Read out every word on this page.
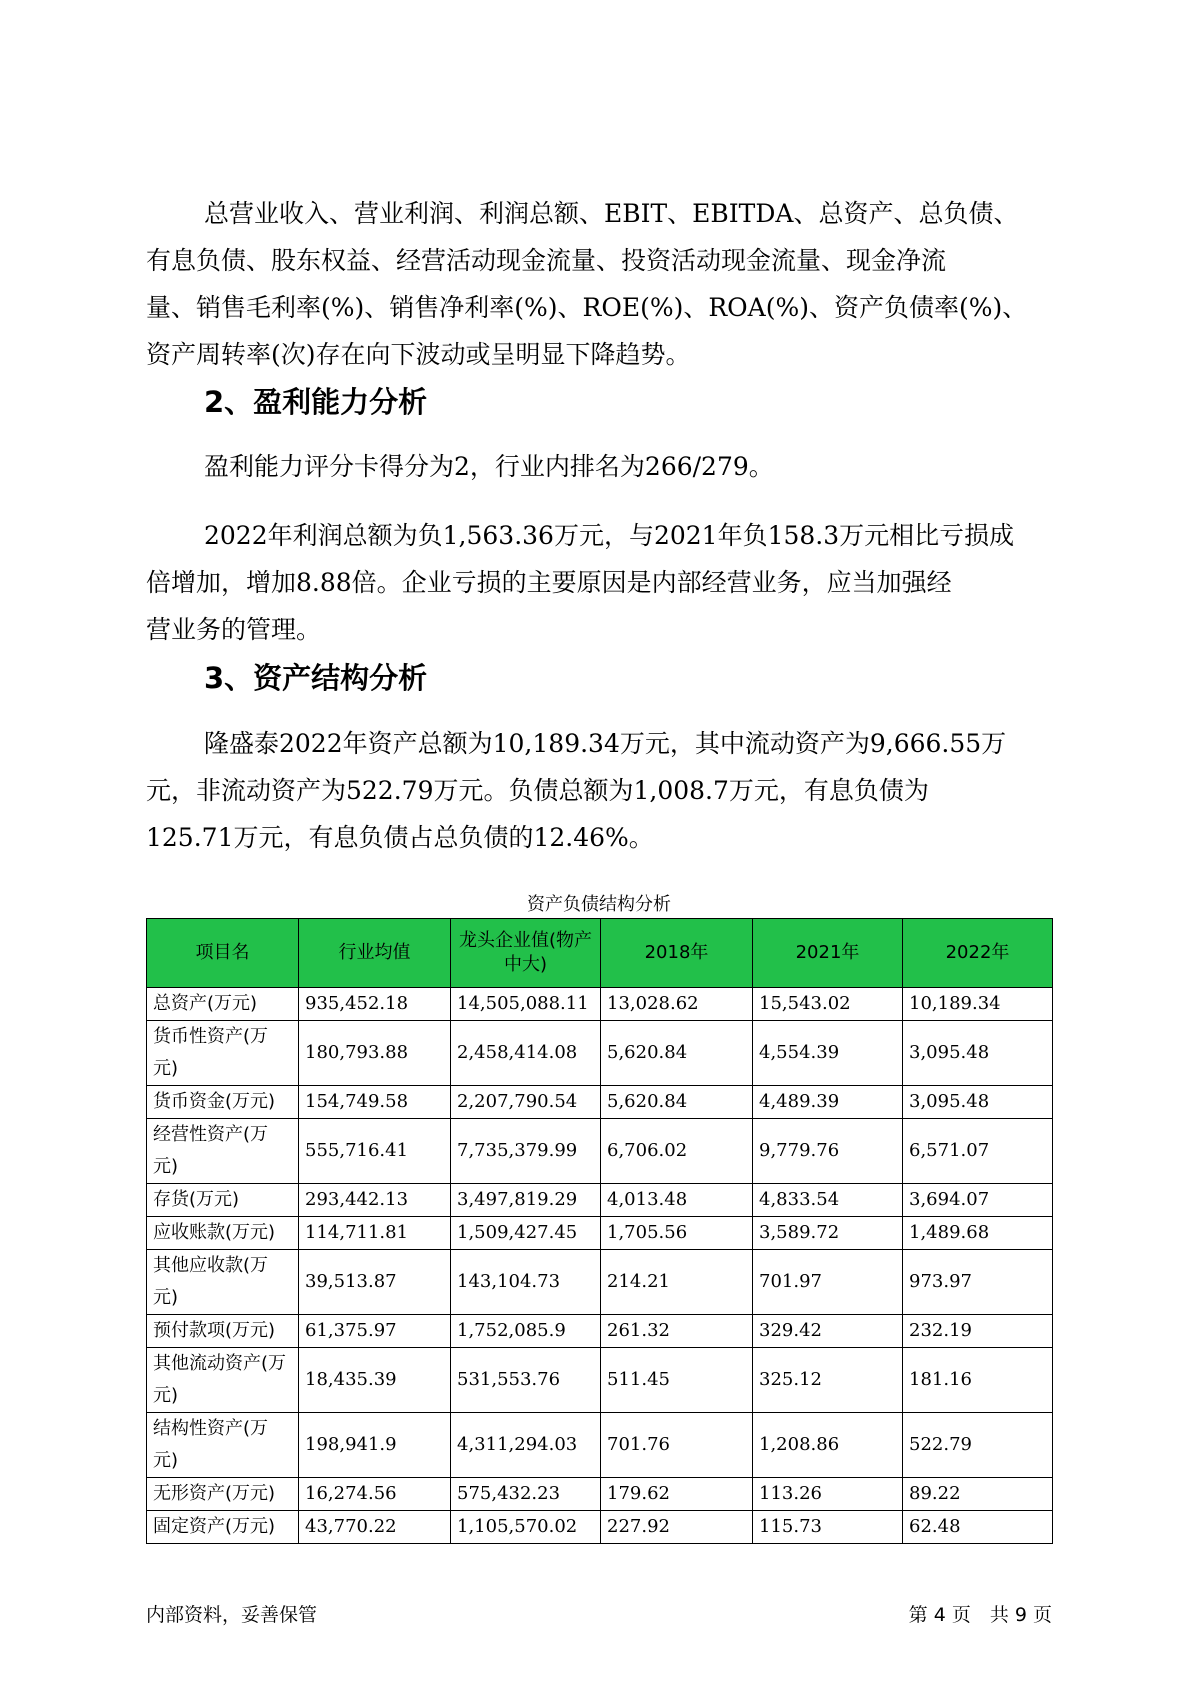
总营业收入、营业利润、利润总额、EBIT、EBITDA、总资产、总负债、
有息负债、股东权益、经营活动现金流量、投资活动现金流量、现金净流
量、销售毛利率(%)、销售净利率(%)、ROE(%)、ROA(%)、资产负债率(%)、
资产周转率(次)存在向下波动或呈明显下降趋势。

2、盈利能力分析

盈利能力评分卡得分为2，行业内排名为266/279。

2022年利润总额为负1,563.36万元，与2021年负158.3万元相比亏损成
倍增加，增加8.88倍。企业亏损的主要原因是内部经营业务，应当加强经
营业务的管理。

3、资产结构分析

隆盛泰2022年资产总额为10,189.34万元，其中流动资产为9,666.55万
元，非流动资产为522.79万元。负债总额为1,008.7万元，有息负债为
125.71万元，有息负债占总负债的12.46%。

资产负债结构分析
项目名	行业均值	龙头企业值(物产中大)	2018年	2021年	2022年
总资产(万元)	935,452.18	14,505,088.11	13,028.62	15,543.02	10,189.34
货币性资产(万元)	180,793.88	2,458,414.08	5,620.84	4,554.39	3,095.48
货币资金(万元)	154,749.58	2,207,790.54	5,620.84	4,489.39	3,095.48
经营性资产(万元)	555,716.41	7,735,379.99	6,706.02	9,779.76	6,571.07
存货(万元)	293,442.13	3,497,819.29	4,013.48	4,833.54	3,694.07
应收账款(万元)	114,711.81	1,509,427.45	1,705.56	3,589.72	1,489.68
其他应收款(万元)	39,513.87	143,104.73	214.21	701.97	973.97
预付款项(万元)	61,375.97	1,752,085.9	261.32	329.42	232.19
其他流动资产(万元)	18,435.39	531,553.76	511.45	325.12	181.16
结构性资产(万元)	198,941.9	4,311,294.03	701.76	1,208.86	522.79
无形资产(万元)	16,274.56	575,432.23	179.62	113.26	89.22
固定资产(万元)	43,770.22	1,105,570.02	227.92	115.73	62.48
内部资料，妥善保管	第 4 页　共 9 页
